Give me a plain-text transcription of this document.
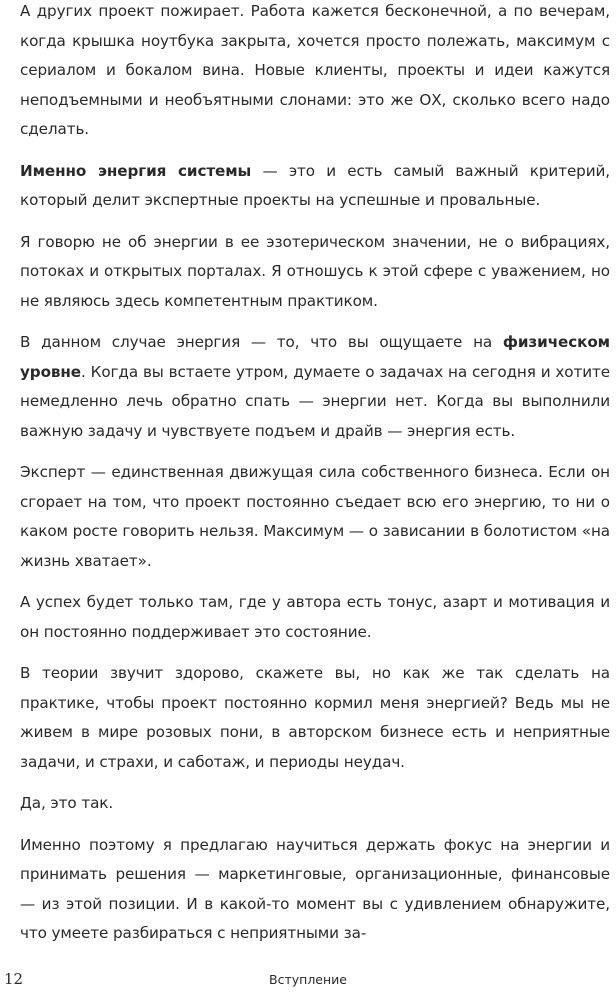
А других проект пожирает. Работа кажется бесконечной, а по вечерам, когда крышка ноутбука закрыта, хочется просто полежать, максимум с сериалом и бокалом вина. Новые клиенты, проекты и идеи кажутся неподъемными и необъятными слонами: это же ОХ, сколько всего надо сделать.

Именно энергия системы — это и есть самый важный критерий, который делит экспертные проекты на успешные и провальные.

Я говорю не об энергии в ее эзотерическом значении, не о вибрациях, потоках и открытых порталах. Я отношусь к этой сфере с уважением, но не являюсь здесь компетентным практиком.

В данном случае энергия — то, что вы ощущаете на физическом уровне. Когда вы встаете утром, думаете о задачах на сегодня и хотите немедленно лечь обратно спать — энергии нет. Когда вы выполнили важную задачу и чувствуете подъем и драйв — энергия есть.

Эксперт — единственная движущая сила собственного бизнеса. Если он сгорает на том, что проект постоянно съедает всю его энергию, то ни о каком росте говорить нельзя. Максимум — о зависании в болотистом «на жизнь хватает».

А успех будет только там, где у автора есть тонус, азарт и мотивация и он постоянно поддерживает это состояние.

В теории звучит здорово, скажете вы, но как же так сделать на практике, чтобы проект постоянно кормил меня энергией? Ведь мы не живем в мире розовых пони, в авторском бизнесе есть и неприятные задачи, и страхи, и саботаж, и периоды неудач.

Да, это так.

Именно поэтому я предлагаю научиться держать фокус на энергии и принимать решения — маркетинговые, организационные, финансовые — из этой позиции. И в какой-то момент вы с удивлением обнаружите, что умеете разбираться с неприятными за-

12	Вступление
